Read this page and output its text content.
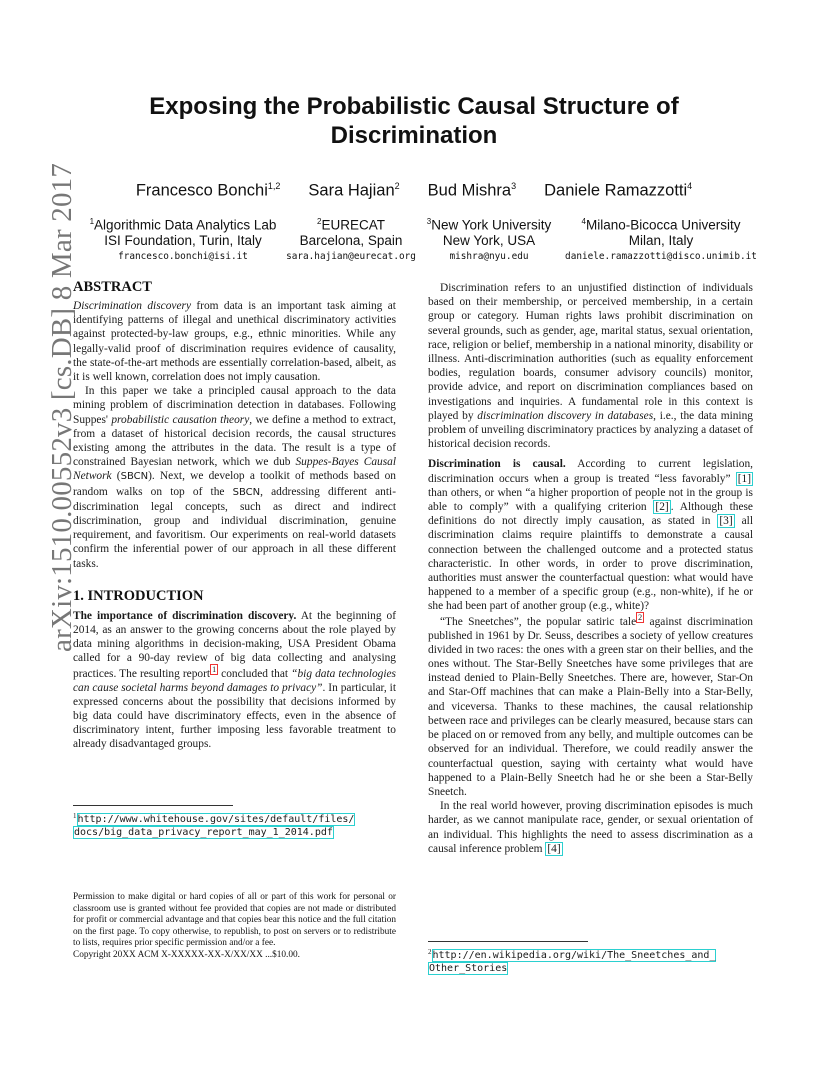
arXiv:1510.00552v3 [cs.DB] 8 Mar 2017
Exposing the Probabilistic Causal Structure of Discrimination
Francesco Bonchi$^{1,2}$ Sara Hajian$^2$ Bud Mishra$^3$ Daniele Ramazzotti$^4$
$^1$Algorithmic Data Analytics Lab
ISI Foundation, Turin, Italy
francesco.bonchi@isi.it
$^2$EURECAT
Barcelona, Spain
sara.hajian@eurecat.org
$^3$New York University
New York, USA
mishra@nyu.edu
$^4$Milano-Bicocca University
Milan, Italy
daniele.ramazzotti@disco.unimib.it
ABSTRACT

Discrimination discovery from data is an important task aiming at identifying patterns of illegal and unethical discriminatory activities against protected-by-law groups, e.g., ethnic minorities. While any legally-valid proof of discrimination requires evidence of causality, the state-of-the-art methods are essentially correlation-based, albeit, as it is well known, correlation does not imply causation.

In this paper we take a principled causal approach to the data mining problem of discrimination detection in databases. Following Suppes' probabilistic causation theory, we define a method to extract, from a dataset of historical decision records, the causal structures existing among the attributes in the data. The result is a type of constrained Bayesian network, which we dub Suppes-Bayes Causal Network (SBCN). Next, we develop a toolkit of methods based on random walks on top of the SBCN, addressing different anti-discrimination legal concepts, such as direct and indirect discrimination, group and individual discrimination, genuine requirement, and favoritism. Our experiments on real-world datasets confirm the inferential power of our approach in all these different tasks.

1. INTRODUCTION

The importance of discrimination discovery. At the beginning of 2014, as an answer to the growing concerns about the role played by data mining algorithms in decision-making, USA President Obama called for a 90-day review of big data collecting and analysing practices. The resulting report $^1$ concluded that “big data technologies can cause societal harms beyond damages to privacy”. In particular, it expressed concerns about the possibility that decisions informed by big data could have discriminatory effects, even in the absence of discriminatory intent, further imposing less favorable treatment to already disadvantaged groups.

$^1$http://www.whitehouse.gov/sites/default/files/
docs/big_data_privacy_report_may_1_2014.pdf

Permission to make digital or hard copies of all or part of this work for personal or classroom use is granted without fee provided that copies are not made or distributed for profit or commercial advantage and that copies bear this notice and the full citation on the first page. To copy otherwise, to republish, to post on servers or to redistribute to lists, requires prior specific permission and/or a fee.

Copyright 20XX ACM X-XXXXX-XX-X/XX/XX ...$10.00.

Discrimination refers to an unjustified distinction of individuals based on their membership, or perceived membership, in a certain group or category. Human rights laws prohibit discrimination on several grounds, such as gender, age, marital status, sexual orientation, race, religion or belief, membership in a national minority, disability or illness. Anti-discrimination authorities (such as equality enforcement bodies, regulation boards, consumer advisory councils) monitor, provide advice, and report on discrimination compliances based on investigations and inquiries. A fundamental role in this context is played by discrimination discovery in databases, i.e., the data mining problem of unveiling discriminatory practices by analyzing a dataset of historical decision records.

Discrimination is causal. According to current legislation, discrimination occurs when a group is treated “less favorably” [1] than others, or when “a higher proportion of people not in the group is able to comply” with a qualifying criterion [2] . Although these definitions do not directly imply causation, as stated in [3] all discrimination claims require plaintiffs to demonstrate a causal connection between the challenged outcome and a protected status characteristic. In other words, in order to prove discrimination, authorities must answer the counterfactual question: what would have happened to a member of a specific group (e.g., non-white), if he or she had been part of another group (e.g., white)?

“The Sneetches”, the popular satiric tale $^2$ against discrimination published in 1961 by Dr. Seuss, describes a society of yellow creatures divided in two races: the ones with a green star on their bellies, and the ones without. The Star-Belly Sneetches have some privileges that are instead denied to Plain-Belly Sneetches. There are, however, Star-On and Star-Off machines that can make a Plain-Belly into a Star-Belly, and viceversa. Thanks to these machines, the causal relationship between race and privileges can be clearly measured, because stars can be placed on or removed from any belly, and multiple outcomes can be observed for an individual. Therefore, we could readily answer the counterfactual question, saying with certainty what would have happened to a Plain-Belly Sneetch had he or she been a Star-Belly Sneetch.

In the real world however, proving discrimination episodes is much harder, as we cannot manipulate race, gender, or sexual orientation of an individual. This highlights the need to assess discrimination as a causal inference problem [4]

$^2$http://en.wikipedia.org/wiki/The_Sneetches_and_
Other_Stories
